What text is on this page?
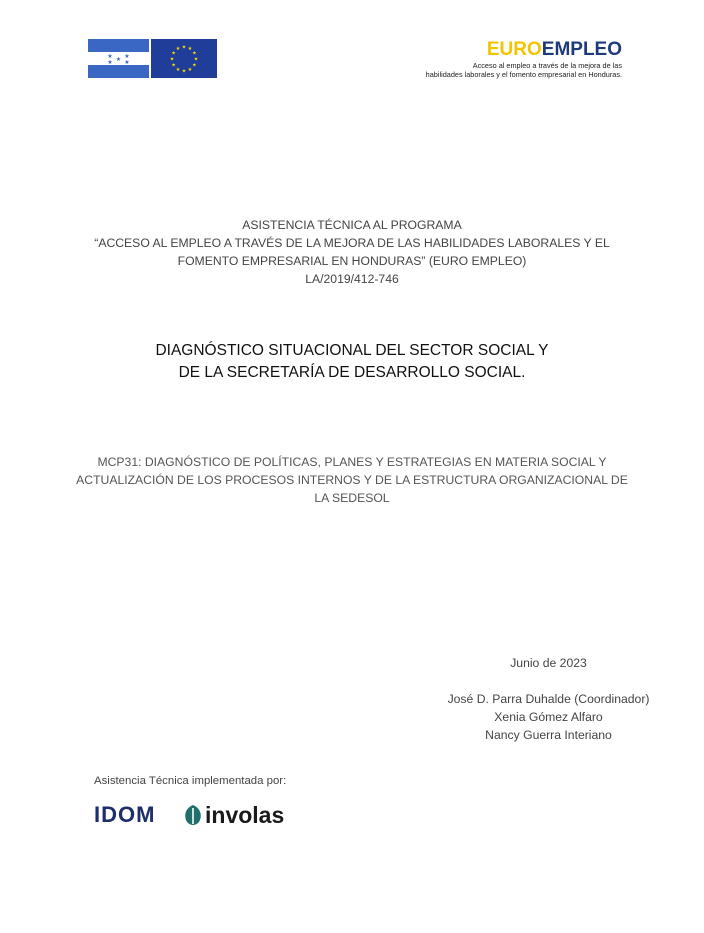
★ ★
★
★ ★
★ ★
★
★
★
★
★
★
★
★
★
★	EUROEMPLEO
Acceso al empleo a través de la mejora de las
habilidades laborales y el fomento empresarial en Honduras.
ASISTENCIA TÉCNICA AL PROGRAMA
“ACCESO AL EMPLEO A TRAVÉS DE LA MEJORA DE LAS HABILIDADES LABORALES Y EL
FOMENTO EMPRESARIAL EN HONDURAS” (EURO EMPLEO)
LA/2019/412-746
DIAGNÓSTICO SITUACIONAL DEL SECTOR SOCIAL Y
DE LA SECRETARÍA DE DESARROLLO SOCIAL.
MCP31: DIAGNÓSTICO DE POLÍTICAS, PLANES Y ESTRATEGIAS EN MATERIA SOCIAL Y
ACTUALIZACIÓN DE LOS PROCESOS INTERNOS Y DE LA ESTRUCTURA ORGANIZACIONAL DE
LA SEDESOL
Junio de 2023
José D. Parra Duhalde (Coordinador)
Xenia Gómez Alfaro
Nancy Guerra Interiano
Asistencia Técnica implementada por:
IDOM involas
